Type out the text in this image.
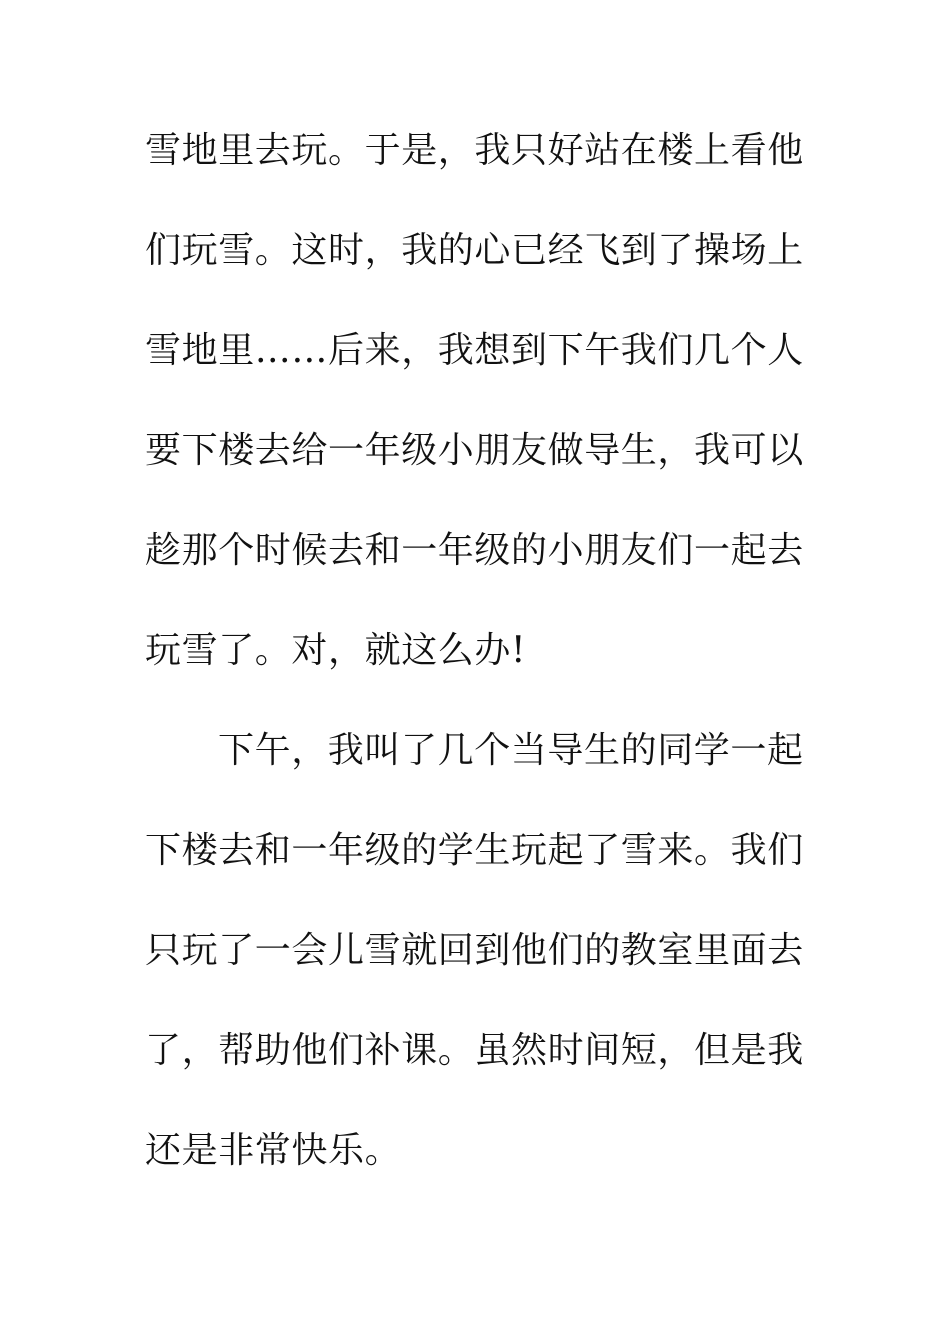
雪地里去玩。于是，我只好站在楼上看他
们玩雪。这时，我的心已经飞到了操场上
雪地里……后来，我想到下午我们几个人
要下楼去给一年级小朋友做导生，我可以
趁那个时候去和一年级的小朋友们一起去
玩雪了。对，就这么办!
下午，我叫了几个当导生的同学一起
下楼去和一年级的学生玩起了雪来。我们
只玩了一会儿雪就回到他们的教室里面去
了，帮助他们补课。虽然时间短，但是我
还是非常快乐。
